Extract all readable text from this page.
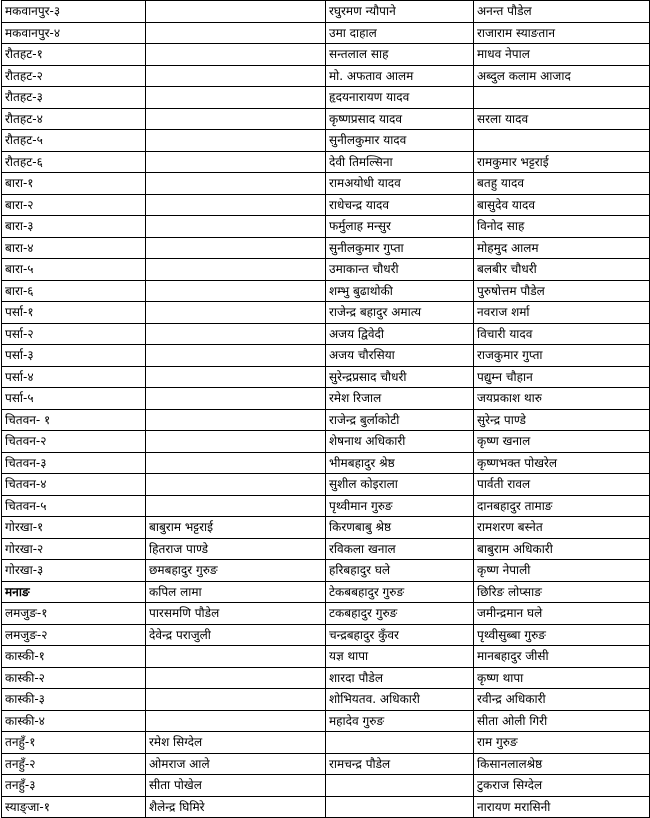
मकवानपुर-३		रघुरमण न्यौपाने	अनन्त पौडेल
मकवानपुर-४		उमा दाहाल	राजाराम स्याङतान
रौतहट-१		सन्तलाल साह	माधव नेपाल
रौतहट-२		मो. अफताव आलम	अब्दुल कलाम आजाद
रौतहट-३		हृदयनारायण यादव	
रौतहट-४		कृष्णप्रसाद यादव	सरला यादव
रौतहट-५		सुनीलकुमार यादव	
रौतहट-६		देवी तिमल्सिना	रामकुमार भट्टराई
बारा-१		रामअयोधी यादव	बतहु यादव
बारा-२		राधेचन्द्र यादव	बासुदेव यादव
बारा-३		फर्मुलाह मन्सुर	विनोद साह
बारा-४		सुनीलकुमार गुप्ता	मोहमुद आलम
बारा-५		उमाकान्त चौधरी	बलबीर चौधरी
बारा-६		शम्भु बुढाथोकी	पुरुषोत्तम पौडेल
पर्सा-१		राजेन्द्र बहादुर अमात्य	नवराज शर्मा
पर्सा-२		अजय द्विवेदी	विचारी यादव
पर्सा-३		अजय चौरसिया	राजकुमार गुप्ता
पर्सा-४		सुरेन्द्रप्रसाद चौधरी	पद्युम्न चौहान
पर्सा-५		रमेश रिजाल	जयप्रकाश थारु
चितवन- १		राजेन्द्र बुर्लाकोटी	सुरेन्द्र पाण्डे
चितवन-२		शेषनाथ अधिकारी	कृष्ण खनाल
चितवन-३		भीमबहादुर श्रेष्ठ	कृष्णभक्त पोखरेल
चितवन-४		सुशील कोइराला	पार्वती रावल
चितवन-५		पृथ्वीमान गुरुङ	दानबहादुर तामाङ
गोरखा-१	बाबुराम भट्टराई	किरणबाबु श्रेष्ठ	रामशरण बस्नेत
गोरखा-२	हितराज पाण्डे	रविकला खनाल	बाबुराम अधिकारी
गोरखा-३	छमबहादुर गुरुङ	हरिबहादुर घले	कृष्ण नेपाली
मनाङ	कपिल लामा	टेकबबहादुर गुरुङ	छिरिङ लोप्साङ
लमजुङ-१	पारसमणि पौडेल	टकबहादुर गुरुङ	जमीन्द्रमान घले
लमजुङ-२	देवेन्द्र पराजुली	चन्द्रबहादुर कुँवर	पृथ्वीसुब्बा गुरुङ
कास्की-१		यज्ञ थापा	मानबहादुर जीसी
कास्की-२		शारदा पौडेल	कृष्ण थापा
कास्की-३		शोभियतव. अधिकारी	रवीन्द्र अधिकारी
कास्की-४		महादेव गुरुङ	सीता ओली गिरी
तनहुँ-१	रमेश सिग्देल		राम गुरुङ
तनहुँ-२	ओमराज आले	रामचन्द्र पौडेल	किसानलालश्रेष्ठ
तनहुँ-३	सीता पोखेल		टुकराज सिग्देल
स्याङ्जा-१	शैलेन्द्र घिमिरे		नारायण मरासिनी
